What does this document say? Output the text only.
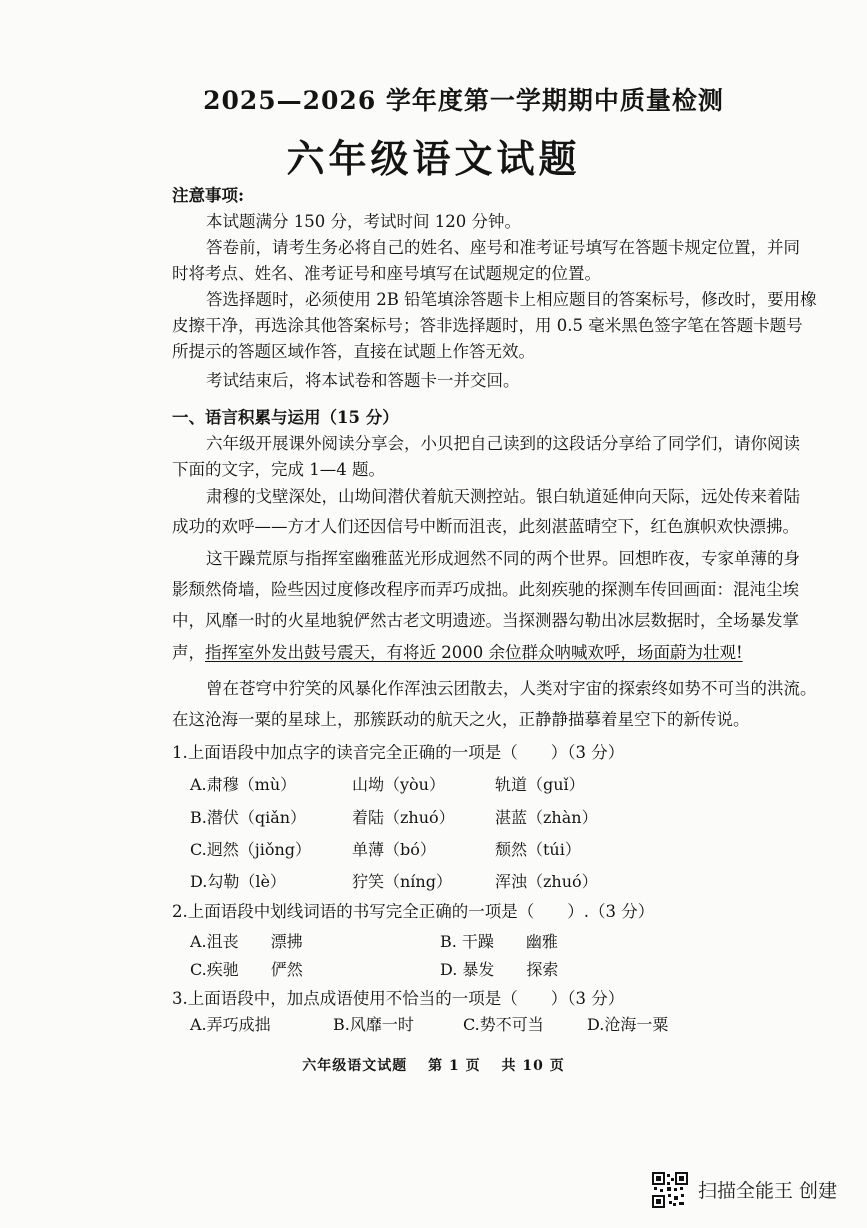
2025—2026 学年度第一学期期中质量检测
六年级语文试题
注意事项:
本试题满分 150 分，考试时间 120 分钟。
答卷前，请考生务必将自己的姓名、座号和准考证号填写在答题卡规定位置，并同
时将考点、姓名、准考证号和座号填写在试题规定的位置。
答选择题时，必须使用 2B 铅笔填涂答题卡上相应题目的答案标号，修改时，要用橡
皮擦干净，再选涂其他答案标号；答非选择题时，用 0.5 毫米黑色签字笔在答题卡题号
所提示的答题区域作答，直接在试题上作答无效。
考试结束后，将本试卷和答题卡一并交回。
一、语言积累与运用（15 分）
六年级开展课外阅读分享会，小贝把自己读到的这段话分享给了同学们，请你阅读
下面的文字，完成 1—4 题。
肃穆的戈壁深处，山坳间潜伏着航天测控站。银白轨道延伸向天际，远处传来着陆
成功的欢呼——方才人们还因信号中断而沮丧，此刻湛蓝晴空下，红色旗帜欢快漂拂。
这干躁荒原与指挥室幽雅蓝光形成迥然不同的两个世界。回想昨夜，专家单薄的身
影颓然倚墙，险些因过度修改程序而弄巧成拙。此刻疾驰的探测车传回画面：混沌尘埃
中，风靡一时的火星地貌俨然古老文明遗迹。当探测器勾勒出冰层数据时，全场暴发掌
声， 指挥室外发出鼓号震天，有将近 2000 余位群众呐喊欢呼，场面蔚为壮观!
曾在苍穹中狞笑的风暴化作浑浊云团散去，人类对宇宙的探索终如势不可当的洪流。
在这沧海一粟的星球上，那簇跃动的航天之火，正静静描摹着星空下的新传说。
1.上面语段中加点字的读音完全正确的一项是（　　）（3 分）
A.肃穆（mù）	山坳（yòu）	轨道（guǐ）
B.潜伏（qiǎn）	着陆（zhuó）	湛蓝（zhàn）
C.迥然（jiǒng）	单薄（bó）	颓然（túi）
D.勾勒（lè）	狞笑（níng）	浑浊（zhuó）
2.上面语段中划线词语的书写完全正确的一项是（　　）.（3 分）
A.沮丧　　漂拂	B. 干躁　　幽雅
C.疾驰　　俨然	D. 暴发　　探索
3.上面语段中，加点成语使用不恰当的一项是（　　）（3 分）
A.弄巧成拙	B.风靡一时	C.势不可当	D.沧海一粟
六年级语文试题　 第 1 页　 共 10 页
扫描全能王 创建
